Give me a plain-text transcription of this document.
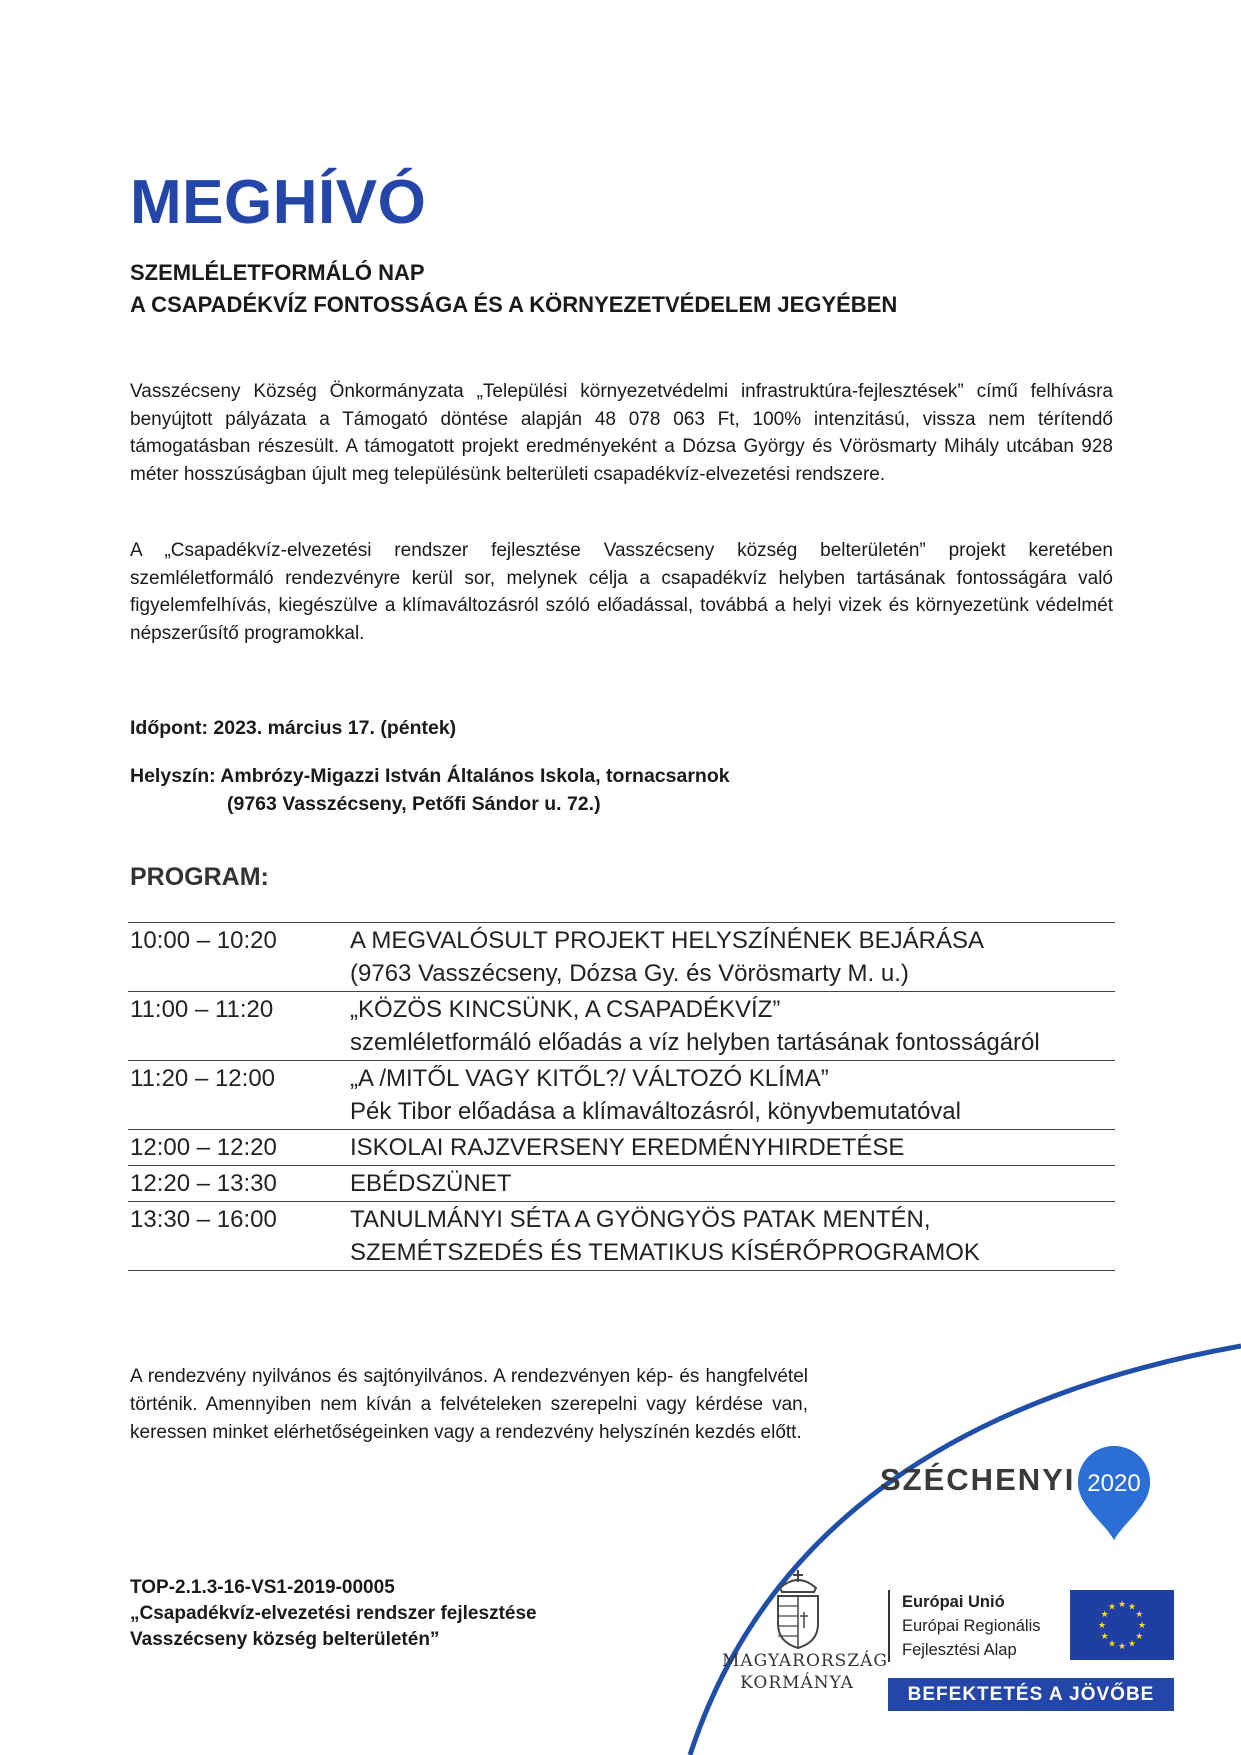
MEGHÍVÓ
SZEMLÉLETFORMÁLÓ NAP
A CSAPADÉKVÍZ FONTOSSÁGA ÉS A KÖRNYEZETVÉDELEM JEGYÉBEN
Vasszécseny Község Önkormányzata „Települési környezetvédelmi infrastruktúra-fejlesztések” című felhívásra benyújtott pályázata a Támogató döntése alapján 48 078 063 Ft, 100% intenzitású, vissza nem térítendő támogatásban részesült. A támogatott projekt eredményeként a Dózsa György és Vörösmarty Mihály utcában 928 méter hosszúságban újult meg településünk belterületi csapadékvíz-elvezetési rendszere.
A „Csapadékvíz-elvezetési rendszer fejlesztése Vasszécseny község belterületén” projekt keretében szemléletformáló rendezvényre kerül sor, melynek célja a csapadékvíz helyben tartásának fontosságára való figyelemfelhívás, kiegészülve a klímaváltozásról szóló előadással, továbbá a helyi vizek és környezetünk védelmét népszerűsítő programokkal.
Időpont: 2023. március 17. (péntek)
Helyszín: Ambrózy-Migazzi István Általános Iskola, tornacsarnok
(9763 Vasszécseny, Petőfi Sándor u. 72.)
PROGRAM:
10:00 – 10:20	A MEGVALÓSULT PROJEKT HELYSZÍNÉNEK BEJÁRÁSA
(9763 Vasszécseny, Dózsa Gy. és Vörösmarty M. u.)

11:00 – 11:20	„KÖZÖS KINCSÜNK, A CSAPADÉKVÍZ”
szemléletformáló előadás a víz helyben tartásának fontosságáról

11:20 – 12:00	„A /MITŐL VAGY KITŐL?/ VÁLTOZÓ KLÍMA”
Pék Tibor előadása a klímaváltozásról, könyvbemutatóval

12:00 – 12:20	ISKOLAI RAJZVERSENY EREDMÉNYHIRDETÉSE

12:20 – 13:30	EBÉDSZÜNET

13:30 – 16:00	TANULMÁNYI SÉTA A GYÖNGYÖS PATAK MENTÉN,
SZEMÉTSZEDÉS ÉS TEMATIKUS KÍSÉRŐPROGRAMOK
A rendezvény nyilvános és sajtónyilvános. A rendezvényen kép- és hangfelvétel történik. Amennyiben nem kíván a felvételeken szerepelni vagy kérdése van, keressen minket elérhetőségeinken vagy a rendezvény helyszínén kezdés előtt.
TOP-2.1.3-16-VS1-2019-00005
„Csapadékvíz-elvezetési rendszer fejlesztése
Vasszécseny község belterületén”
SZÉCHENYI 2020
MAGYARORSZÁG
KORMÁNYA
Európai Unió
Európai Regionális
Fejlesztési Alap
★ ★
★
★
★
★
★
★
★
★
★
★
BEFEKTETÉS A JÖVŐBE
